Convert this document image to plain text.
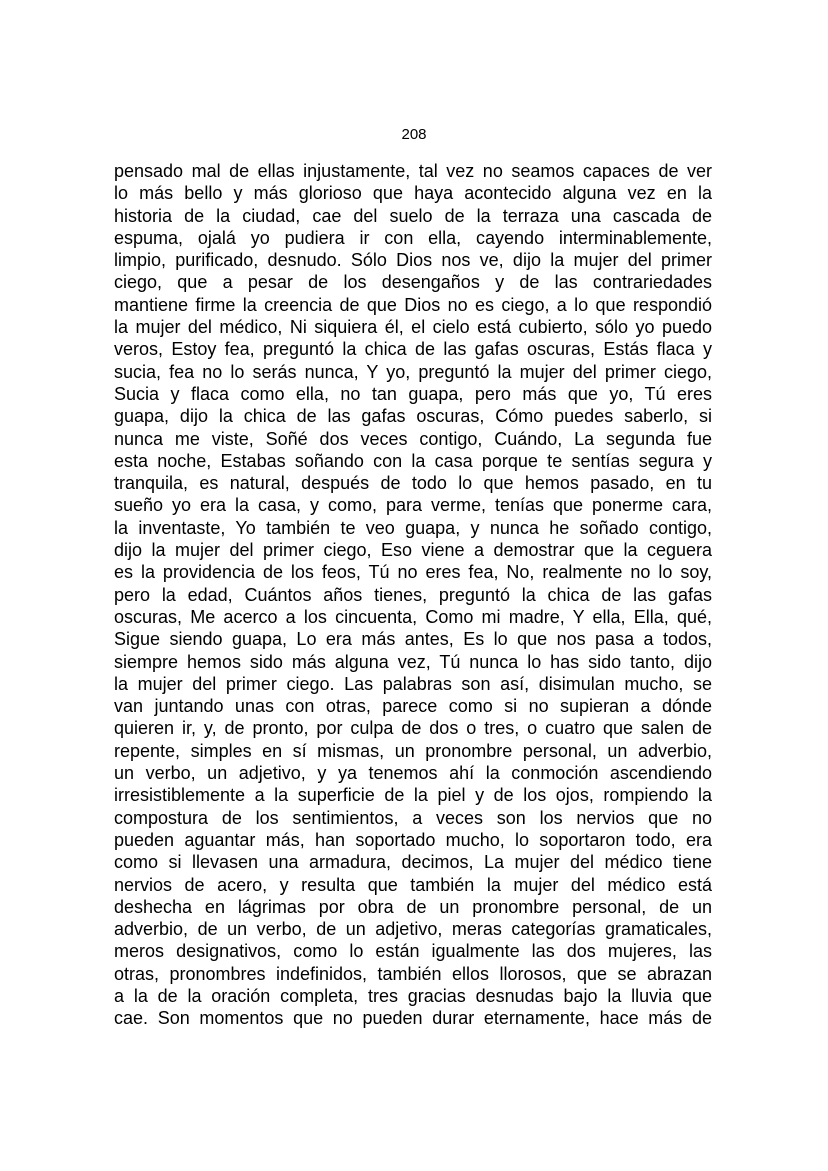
208
pensado mal de ellas injustamente, tal vez no seamos capaces de ver
lo más bello y más glorioso que haya acontecido alguna vez en la
historia de la ciudad, cae del suelo de la terraza una cascada de
espuma, ojalá yo pudiera ir con ella, cayendo interminablemente,
limpio, purificado, desnudo. Sólo Dios nos ve, dijo la mujer del primer
ciego, que a pesar de los desengaños y de las contrariedades
mantiene firme la creencia de que Dios no es ciego, a lo que respondió
la mujer del médico, Ni siquiera él, el cielo está cubierto, sólo yo puedo
veros, Estoy fea, preguntó la chica de las gafas oscuras, Estás flaca y
sucia, fea no lo serás nunca, Y yo, preguntó la mujer del primer ciego,
Sucia y flaca como ella, no tan guapa, pero más que yo, Tú eres
guapa, dijo la chica de las gafas oscuras, Cómo puedes saberlo, si
nunca me viste, Soñé dos veces contigo, Cuándo, La segunda fue
esta noche, Estabas soñando con la casa porque te sentías segura y
tranquila, es natural, después de todo lo que hemos pasado, en tu
sueño yo era la casa, y como, para verme, tenías que ponerme cara,
la inventaste, Yo también te veo guapa, y nunca he soñado contigo,
dijo la mujer del primer ciego, Eso viene a demostrar que la ceguera
es la providencia de los feos, Tú no eres fea, No, realmente no lo soy,
pero la edad, Cuántos años tienes, preguntó la chica de las gafas
oscuras, Me acerco a los cincuenta, Como mi madre, Y ella, Ella, qué,
Sigue siendo guapa, Lo era más antes, Es lo que nos pasa a todos,
siempre hemos sido más alguna vez, Tú nunca lo has sido tanto, dijo
la mujer del primer ciego. Las palabras son así, disimulan mucho, se
van juntando unas con otras, parece como si no supieran a dónde
quieren ir, y, de pronto, por culpa de dos o tres, o cuatro que salen de
repente, simples en sí mismas, un pronombre personal, un adverbio,
un verbo, un adjetivo, y ya tenemos ahí la conmoción ascendiendo
irresistiblemente a la superficie de la piel y de los ojos, rompiendo la
compostura de los sentimientos, a veces son los nervios que no
pueden aguantar más, han soportado mucho, lo soportaron todo, era
como si llevasen una armadura, decimos, La mujer del médico tiene
nervios de acero, y resulta que también la mujer del médico está
deshecha en lágrimas por obra de un pronombre personal, de un
adverbio, de un verbo, de un adjetivo, meras categorías gramaticales,
meros designativos, como lo están igualmente las dos mujeres, las
otras, pronombres indefinidos, también ellos llorosos, que se abrazan
a la de la oración completa, tres gracias desnudas bajo la lluvia que
cae. Son momentos que no pueden durar eternamente, hace más de
